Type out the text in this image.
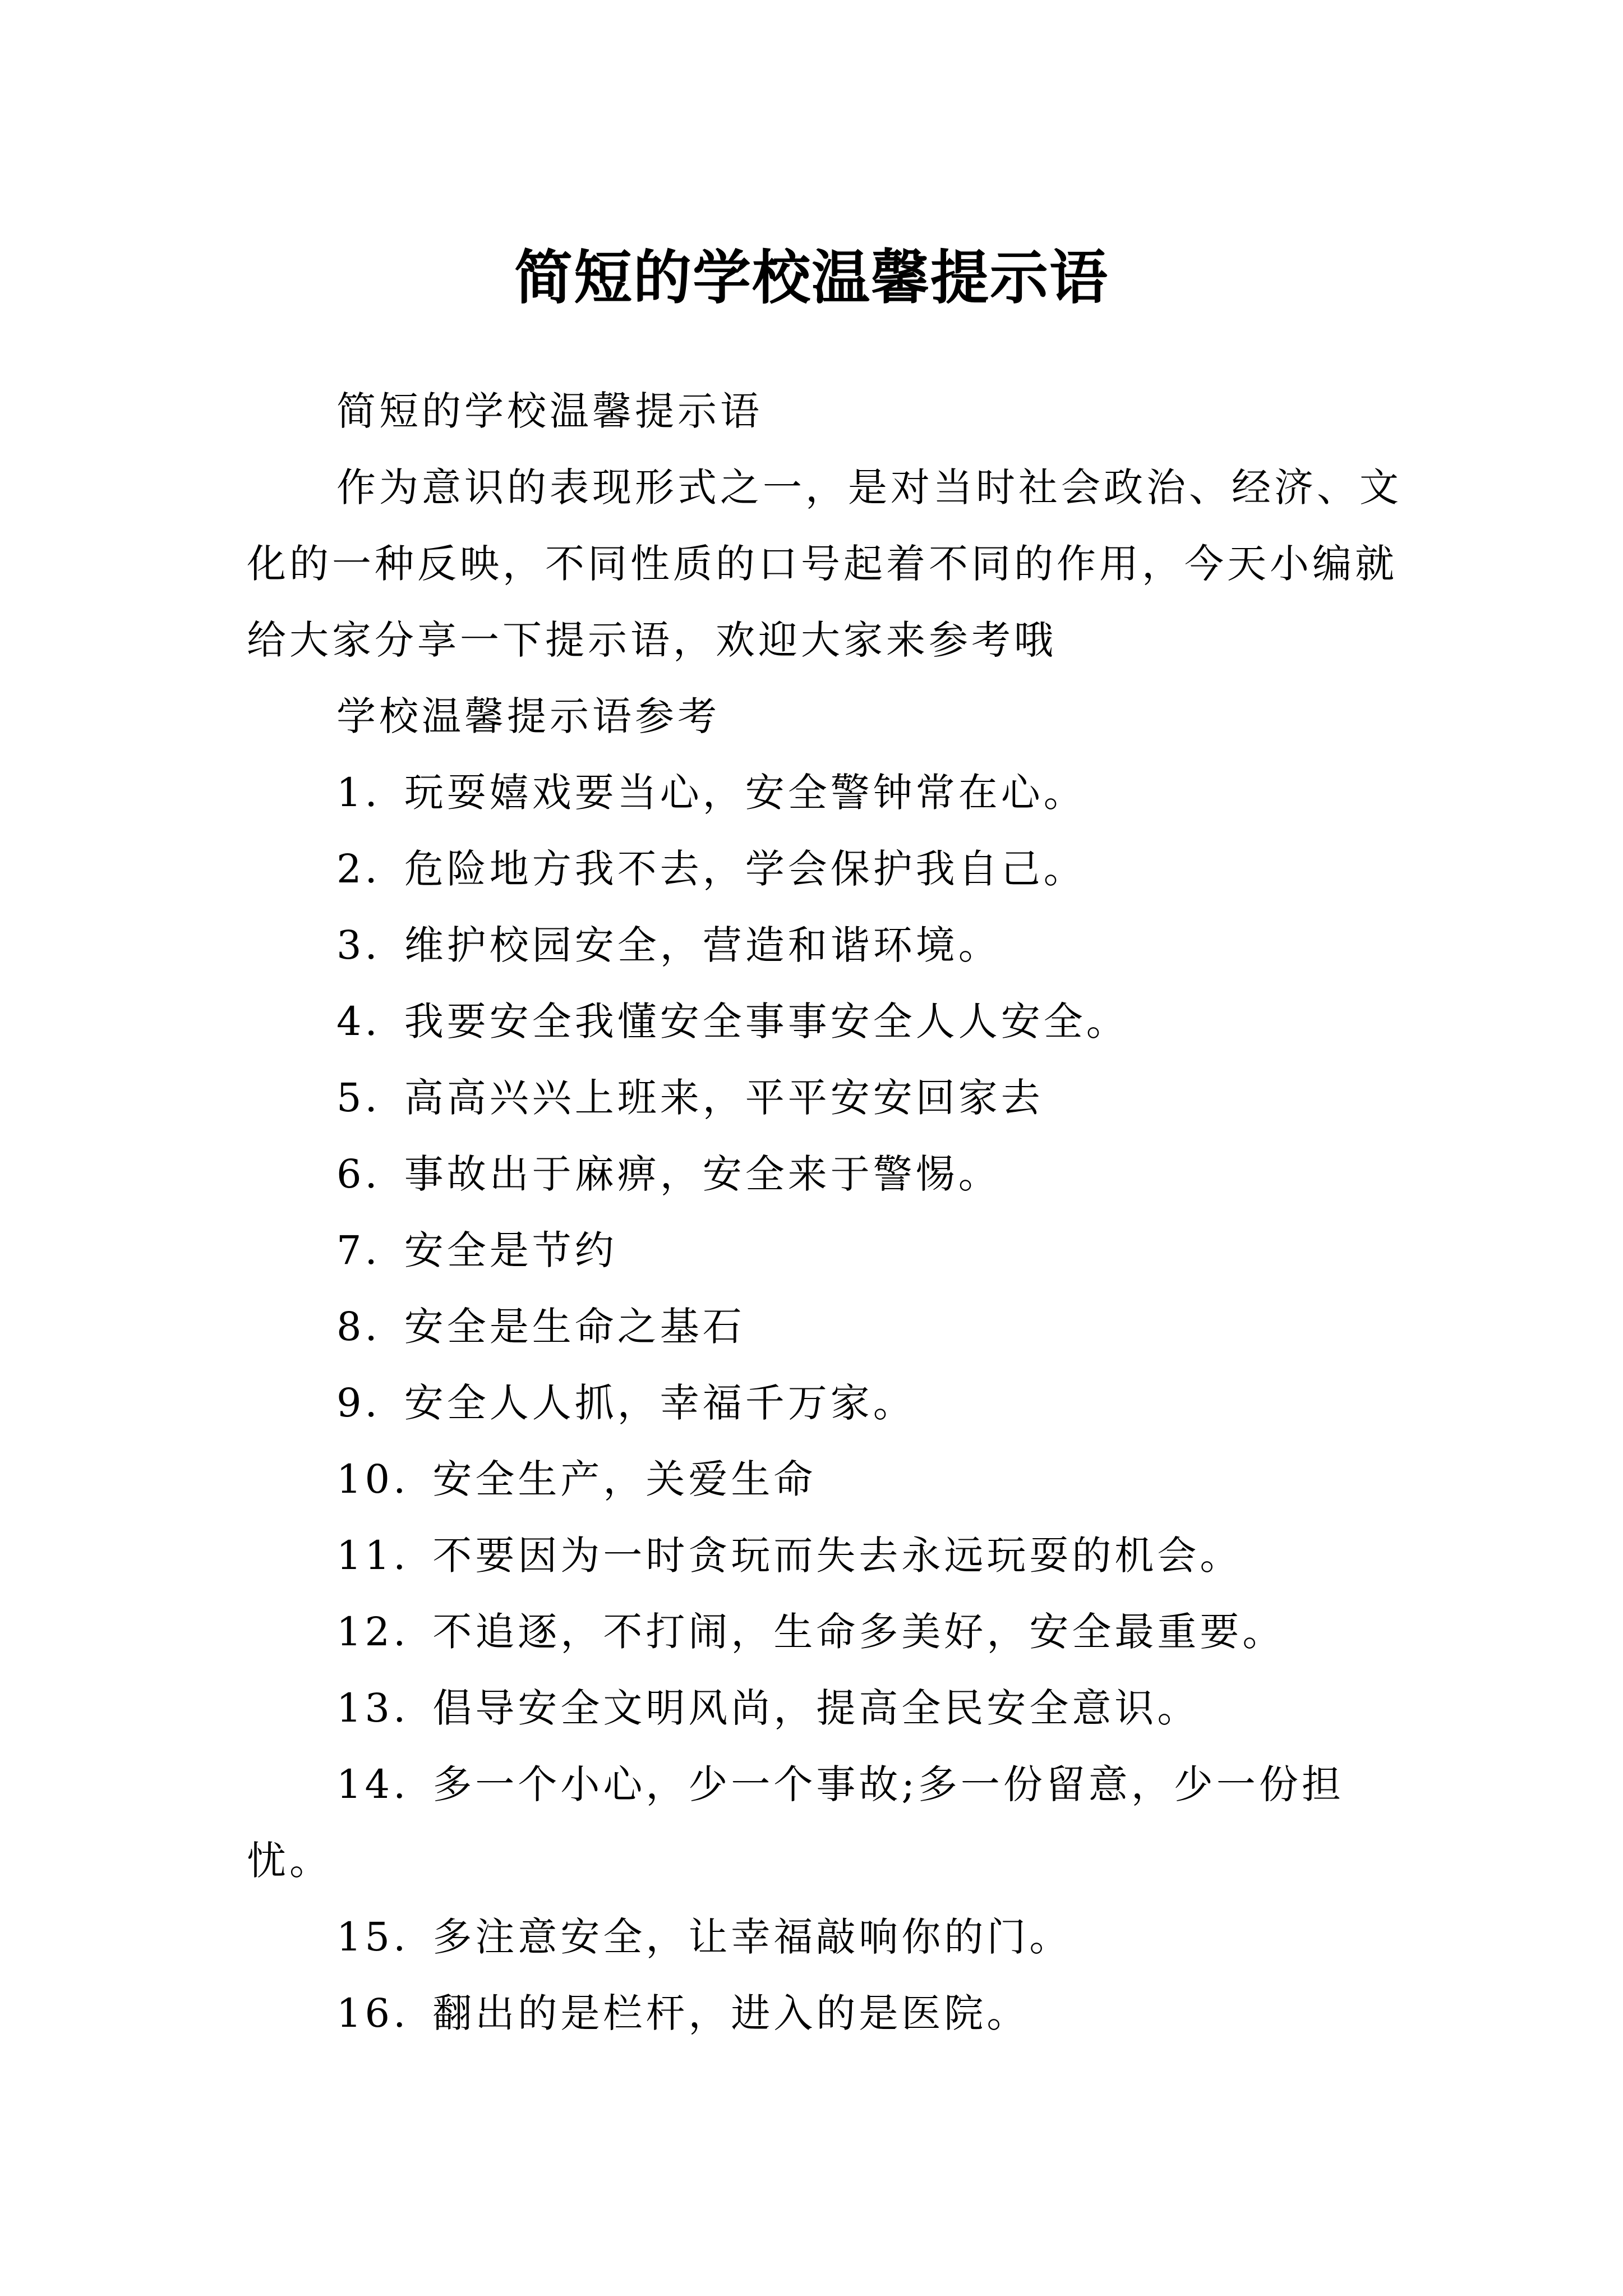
简短的学校温馨提示语

简短的学校温馨提示语

作为意识的表现形式之一，是对当时社会政治、经济、文化的一种反映，不同性质的口号起着不同的作用，今天小编就给大家分享一下提示语，欢迎大家来参考哦

学校温馨提示语参考

1. 玩耍嬉戏要当心，安全警钟常在心。

2. 危险地方我不去，学会保护我自己。

3. 维护校园安全，营造和谐环境。

4. 我要安全我懂安全事事安全人人安全。

5. 高高兴兴上班来，平平安安回家去

6. 事故出于麻痹，安全来于警惕。

7. 安全是节约

8. 安全是生命之基石

9. 安全人人抓，幸福千万家。

10. 安全生产，关爱生命

11. 不要因为一时贪玩而失去永远玩耍的机会。

12. 不追逐，不打闹，生命多美好，安全最重要。

13. 倡导安全文明风尚，提高全民安全意识。

14. 多一个小心，少一个事故;多一份留意，少一份担忧。

15. 多注意安全，让幸福敲响你的门。

16. 翻出的是栏杆，进入的是医院。
